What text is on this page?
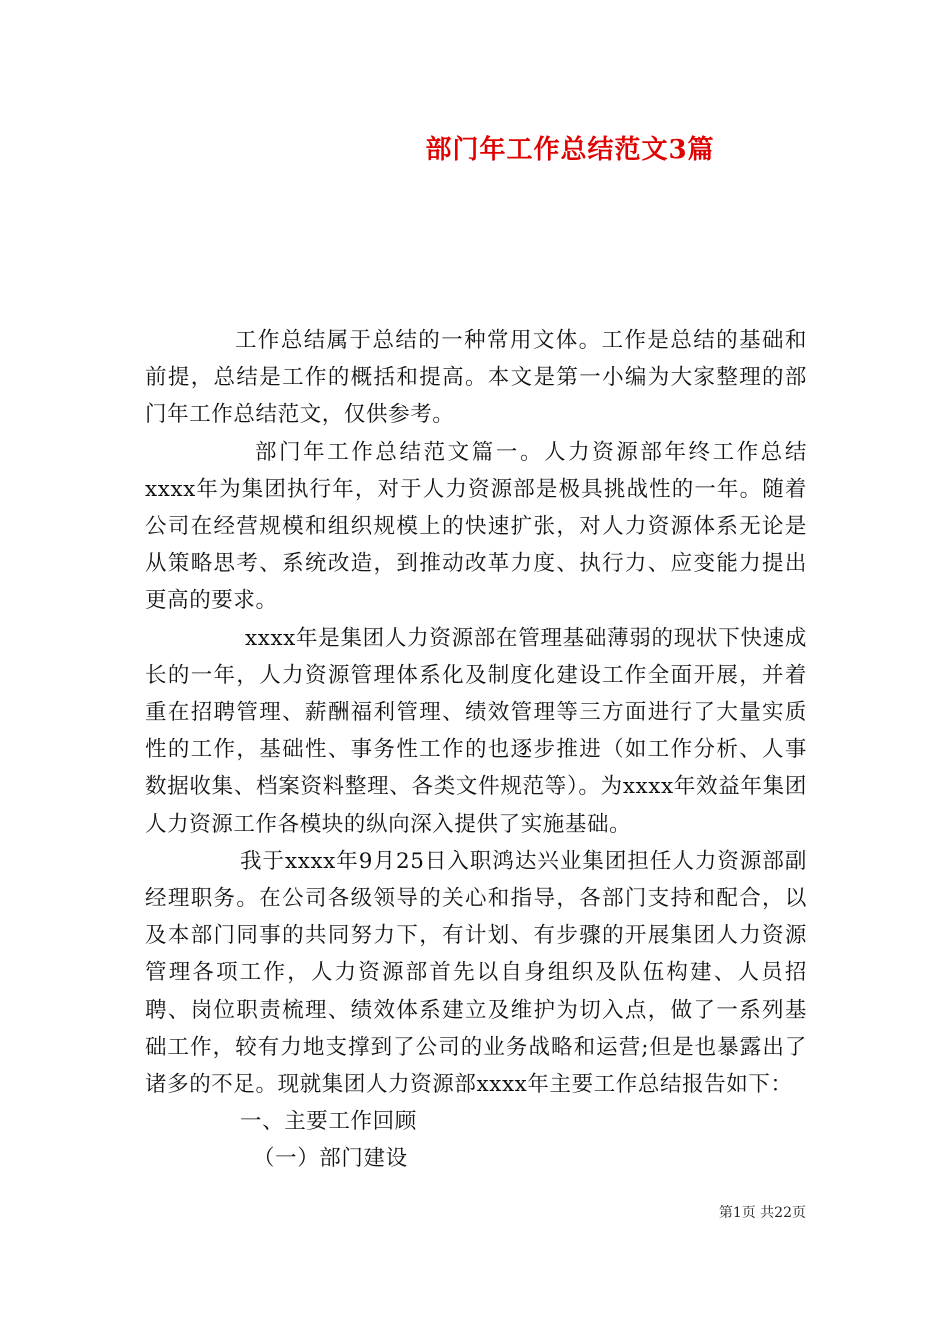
部门年工作总结范文3篇

工作总结属于总结的一种常用文体。工作是总结的基础和前提，总结是工作的概括和提高。本文是第一小编为大家整理的部门年工作总结范文，仅供参考。

部门年工作总结范文篇一。人力资源部年终工作总结 xxxx年为集团执行年，对于人力资源部是极具挑战性的一年。随着公司在经营规模和组织规模上的快速扩张，对人力资源体系无论是从策略思考、系统改造，到推动改革力度、执行力、应变能力提出更高的要求。

xxxx年是集团人力资源部在管理基础薄弱的现状下快速成长的一年，人力资源管理体系化及制度化建设工作全面开展，并着重在招聘管理、薪酬福利管理、绩效管理等三方面进行了大量实质性的工作，基础性、事务性工作的也逐步推进（如工作分析、人事数据收集、档案资料整理、各类文件规范等）。为xxxx年效益年集团人力资源工作各模块的纵向深入提供了实施基础。

我于xxxx年9月25日入职鸿达兴业集团担任人力资源部副经理职务。在公司各级领导的关心和指导，各部门支持和配合，以及本部门同事的共同努力下，有计划、有步骤的开展集团人力资源管理各项工作，人力资源部首先以自身组织及队伍构建、人员招聘、岗位职责梳理、绩效体系建立及维护为切入点，做了一系列基础工作，较有力地支撑到了公司的业务战略和运营;但是也暴露出了诸多的不足。现就集团人力资源部xxxx年主要工作总结报告如下：

一、主要工作回顾

（一）部门建设

第1页 共22页
